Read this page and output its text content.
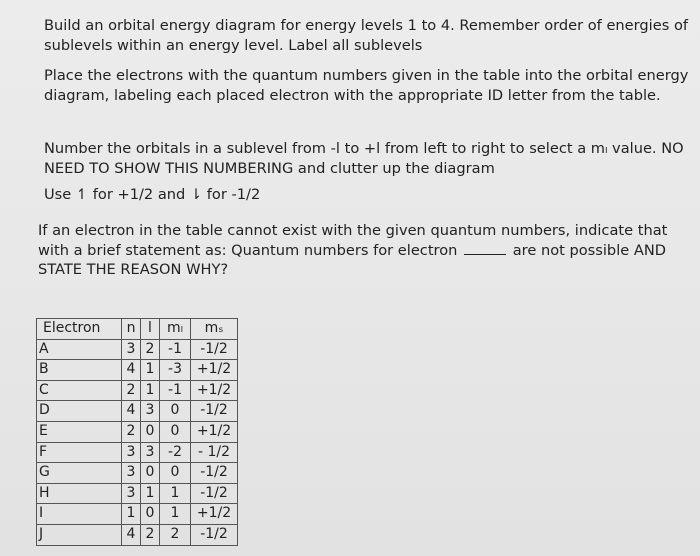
Build an orbital energy diagram for energy levels 1 to 4. Remember order of energies of sublevels within an energy level. Label all sublevels

Place the electrons with the quantum numbers given in the table into the orbital energy diagram, labeling each placed electron with the appropriate ID letter from the table.

Number the orbitals in a sublevel from -l to +l from left to right to select a mₗ value. NO NEED TO SHOW THIS NUMBERING and clutter up the diagram

Use ↿ for +1/2 and ⇂ for -1/2

If an electron in the table cannot exist with the given quantum numbers, indicate that with a brief statement as: Quantum numbers for electron	are not possible AND STATE THE REASON WHY?

Electron	n	l	mₗ	mₛ
A	3	2	-1	-1/2
B	4	1	-3	+1/2
C	2	1	-1	+1/2
D	4	3	0	-1/2
E	2	0	0	+1/2
F	3	3	-2	- 1/2
G	3	0	0	-1/2
H	3	1	1	-1/2
I	1	0	1	+1/2
J	4	2	2	-1/2
